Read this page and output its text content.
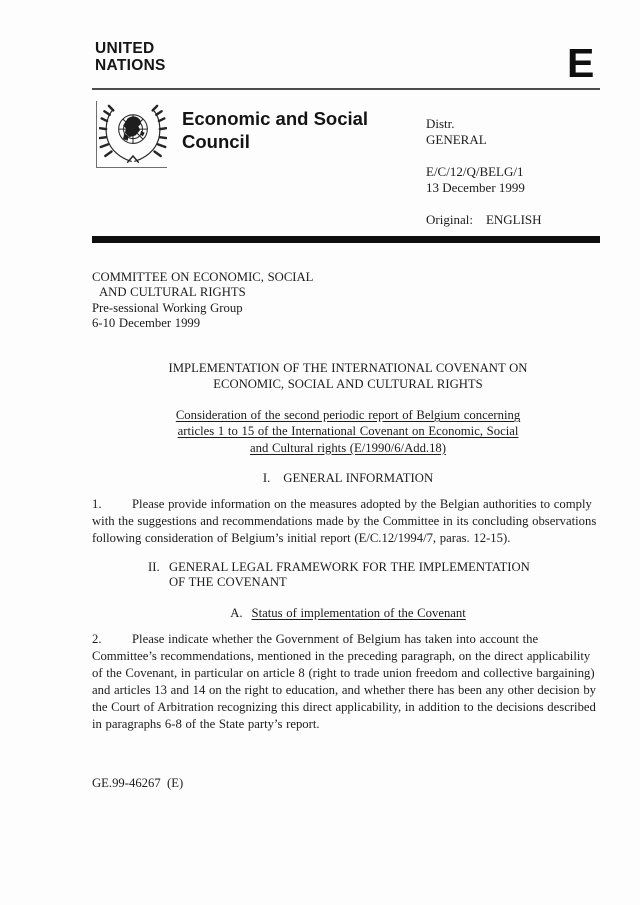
UNITED
NATIONS	E
Economic and Social
Council
Distr.
GENERAL
E/C/12/Q/BELG/1
13 December 1999
Original: ENGLISH
COMMITTEE ON ECONOMIC, SOCIAL
AND CULTURAL RIGHTS
Pre-sessional Working Group
6-10 December 1999
IMPLEMENTATION OF THE INTERNATIONAL COVENANT ON
ECONOMIC, SOCIAL AND CULTURAL RIGHTS
Consideration of the second periodic report of Belgium concerning
articles 1 to 15 of the International Covenant on Economic, Social
and Cultural rights (E/1990/6/Add.18)
I. GENERAL INFORMATION
1. Please provide information on the measures adopted by the Belgian authorities to comply with the suggestions and recommendations made by the Committee in its concluding observations following consideration of Belgium’s initial report (E/C.12/1994/7, paras. 12-15).
II. GENERAL LEGAL FRAMEWORK FOR THE IMPLEMENTATION
OF THE COVENANT
A. Status of implementation of the Covenant
2. Please indicate whether the Government of Belgium has taken into account the Committee’s recommendations, mentioned in the preceding paragraph, on the direct applicability of the Covenant, in particular on article 8 (right to trade union freedom and collective bargaining) and articles 13 and 14 on the right to education, and whether there has been any other decision by the Court of Arbitration recognizing this direct applicability, in addition to the decisions described in paragraphs 6-8 of the State party’s report.
GE.99-46267  (E)
